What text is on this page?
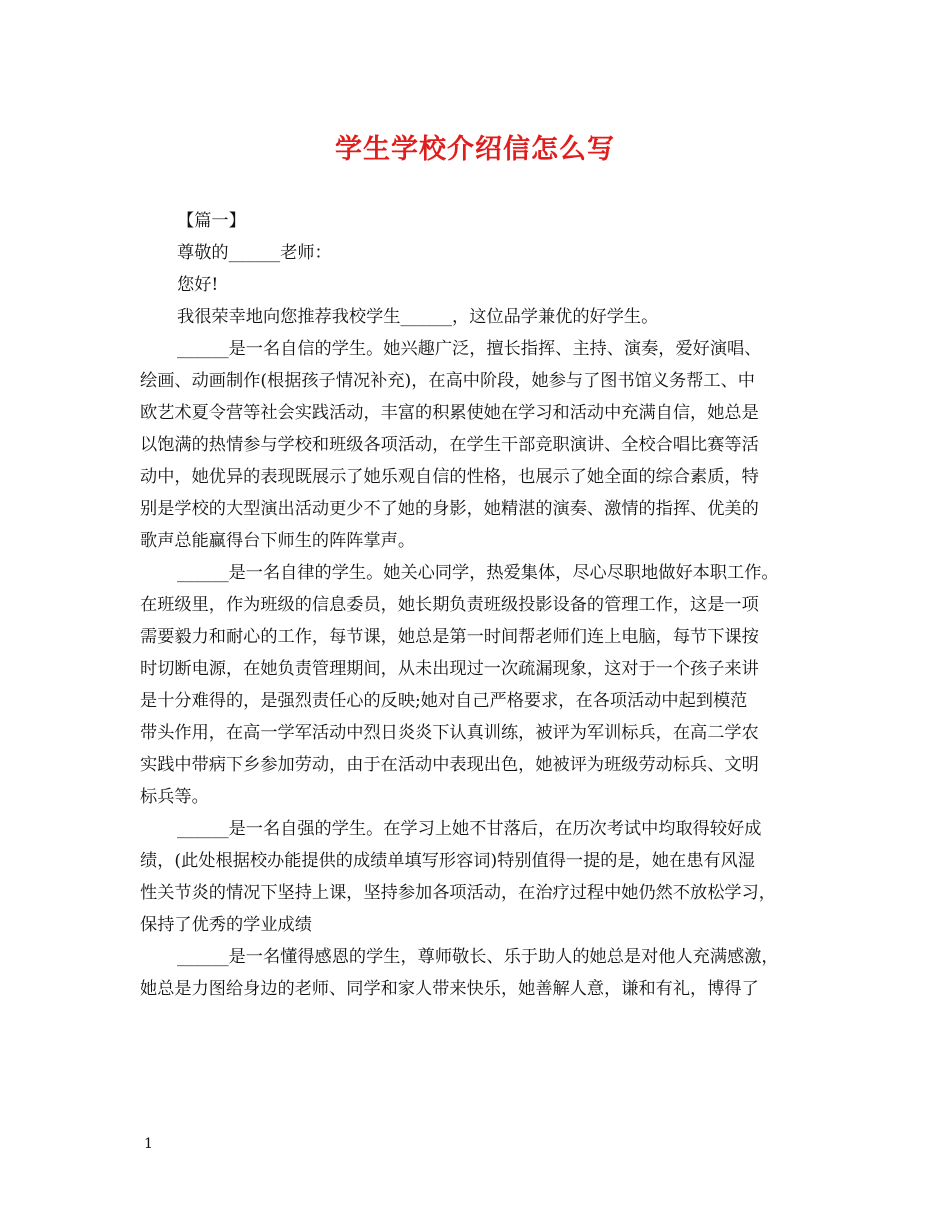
学生学校介绍信怎么写
【篇一】
尊敬的______老师：
您好!
我很荣幸地向您推荐我校学生______，这位品学兼优的好学生。
______是一名自信的学生。她兴趣广泛，擅长指挥、主持、演奏，爱好演唱、
绘画、动画制作(根据孩子情况补充)，在高中阶段，她参与了图书馆义务帮工、中
欧艺术夏令营等社会实践活动，丰富的积累使她在学习和活动中充满自信，她总是
以饱满的热情参与学校和班级各项活动，在学生干部竞职演讲、全校合唱比赛等活
动中，她优异的表现既展示了她乐观自信的性格，也展示了她全面的综合素质，特
别是学校的大型演出活动更少不了她的身影，她精湛的演奏、激情的指挥、优美的
歌声总能赢得台下师生的阵阵掌声。
______是一名自律的学生。她关心同学，热爱集体，尽心尽职地做好本职工作。
在班级里，作为班级的信息委员，她长期负责班级投影设备的管理工作，这是一项
需要毅力和耐心的工作，每节课，她总是第一时间帮老师们连上电脑，每节下课按
时切断电源，在她负责管理期间，从未出现过一次疏漏现象，这对于一个孩子来讲
是十分难得的，是强烈责任心的反映;她对自己严格要求，在各项活动中起到模范
带头作用，在高一学军活动中烈日炎炎下认真训练，被评为军训标兵，在高二学农
实践中带病下乡参加劳动，由于在活动中表现出色，她被评为班级劳动标兵、文明
标兵等。
______是一名自强的学生。在学习上她不甘落后，在历次考试中均取得较好成
绩，(此处根据校办能提供的成绩单填写形容词)特别值得一提的是，她在患有风湿
性关节炎的情况下坚持上课，坚持参加各项活动，在治疗过程中她仍然不放松学习，
保持了优秀的学业成绩
______是一名懂得感恩的学生，尊师敬长、乐于助人的她总是对他人充满感激，
她总是力图给身边的老师、同学和家人带来快乐，她善解人意，谦和有礼，博得了
1
